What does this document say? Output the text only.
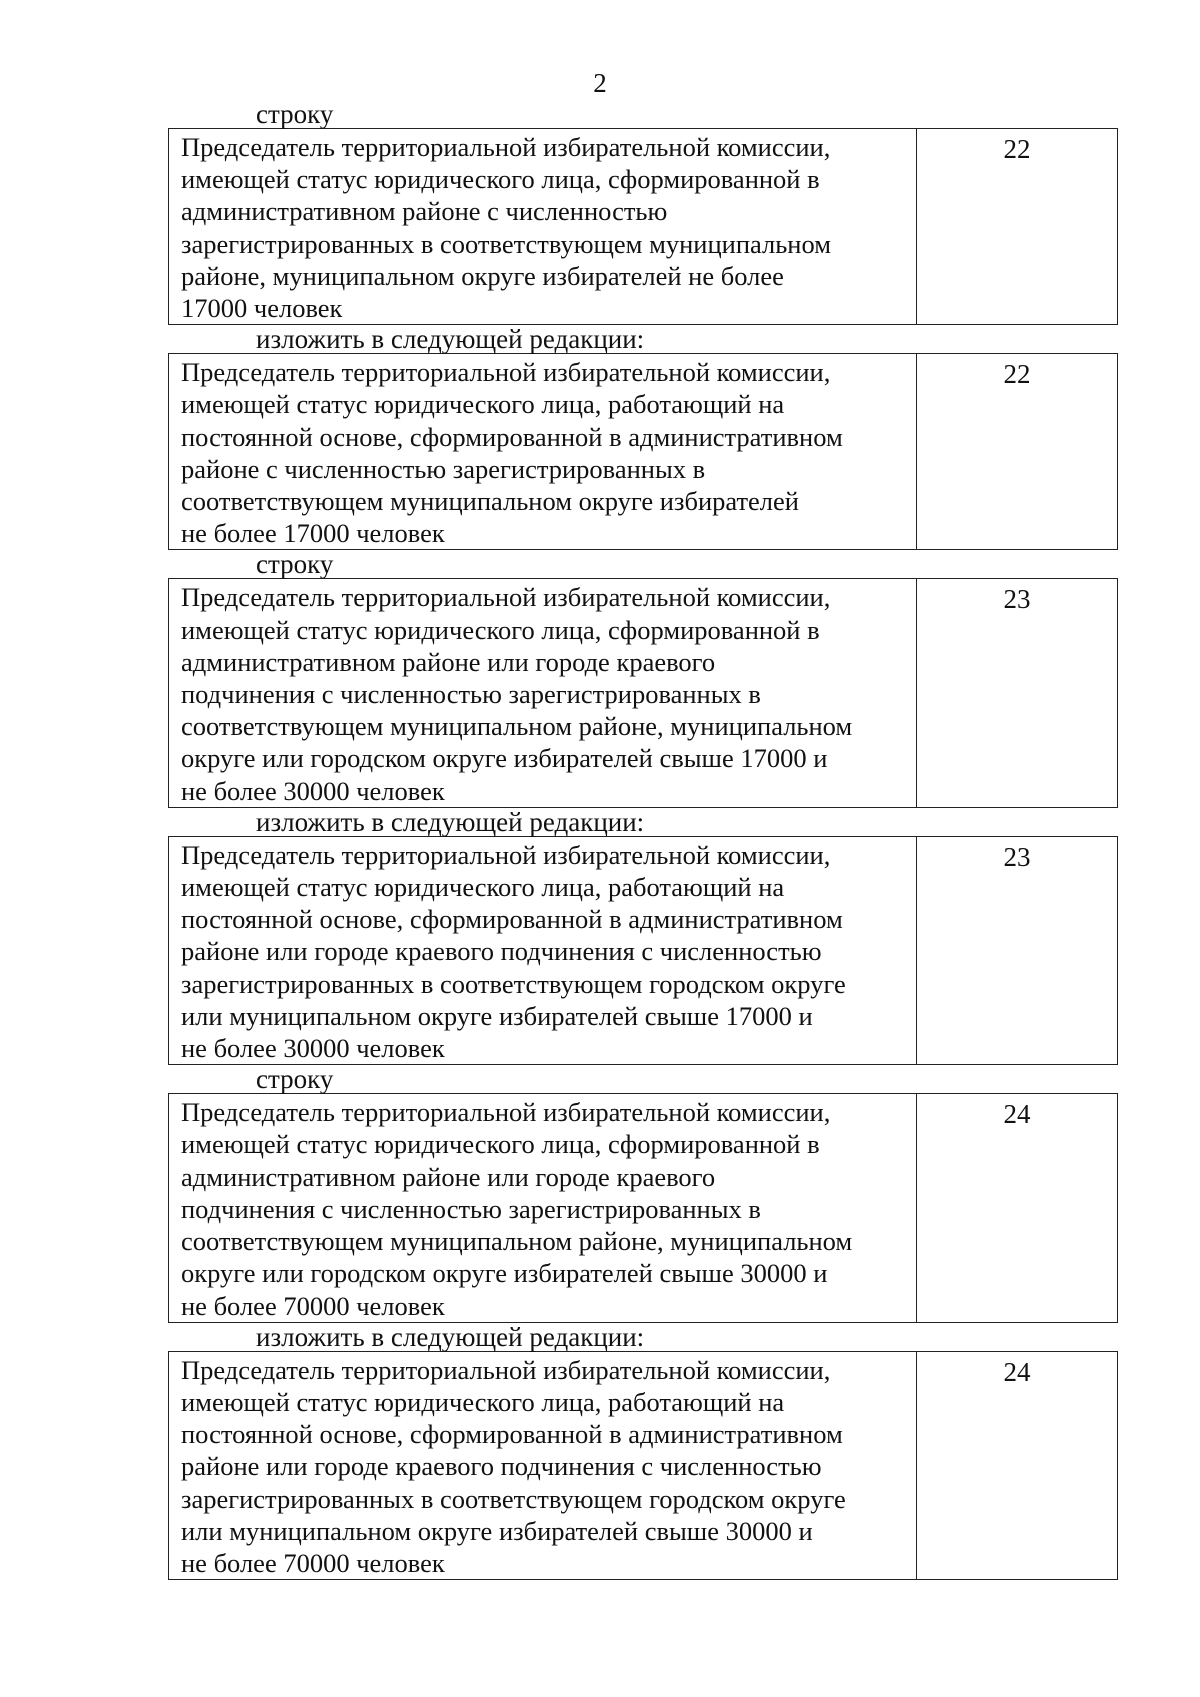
2
строку
Председатель территориальной избирательной комиссии,
имеющей статус юридического лица, сформированной в
административном районе с численностью
зарегистрированных в соответствующем муниципальном
районе, муниципальном округе избирателей не более
17000 человек
22
изложить в следующей редакции:
Председатель территориальной избирательной комиссии,
имеющей статус юридического лица, работающий на
постоянной основе, сформированной в административном
районе с численностью зарегистрированных в
соответствующем муниципальном округе избирателей
не более 17000 человек
22
строку
Председатель территориальной избирательной комиссии,
имеющей статус юридического лица, сформированной в
административном районе или городе краевого
подчинения с численностью зарегистрированных в
соответствующем муниципальном районе, муниципальном
округе или городском округе избирателей свыше 17000 и
не более 30000 человек
23
изложить в следующей редакции:
Председатель территориальной избирательной комиссии,
имеющей статус юридического лица, работающий на
постоянной основе, сформированной в административном
районе или городе краевого подчинения с численностью
зарегистрированных в соответствующем городском округе
или муниципальном округе избирателей свыше 17000 и
не более 30000 человек
23
строку
Председатель территориальной избирательной комиссии,
имеющей статус юридического лица, сформированной в
административном районе или городе краевого
подчинения с численностью зарегистрированных в
соответствующем муниципальном районе, муниципальном
округе или городском округе избирателей свыше 30000 и
не более 70000 человек
24
изложить в следующей редакции:
Председатель территориальной избирательной комиссии,
имеющей статус юридического лица, работающий на
постоянной основе, сформированной в административном
районе или городе краевого подчинения с численностью
зарегистрированных в соответствующем городском округе
или муниципальном округе избирателей свыше 30000 и
не более 70000 человек
24
